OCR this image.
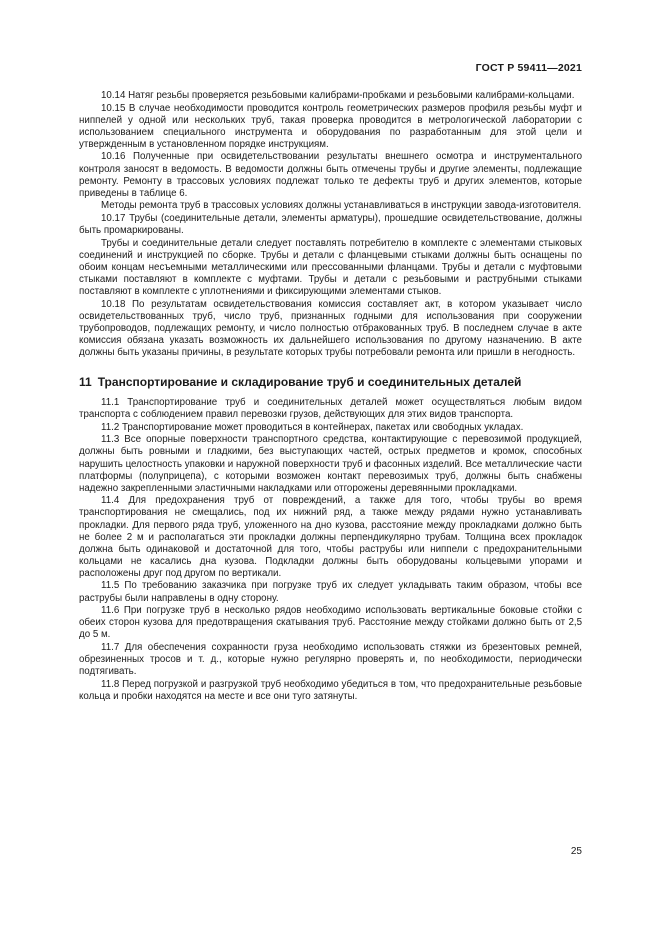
ГОСТ Р 59411—2021

10.14 Натяг резьбы проверяется резьбовыми калибрами-пробками и резьбовыми калибрами-кольцами.

10.15 В случае необходимости проводится контроль геометрических размеров профиля резьбы муфт и ниппелей у одной или нескольких труб, такая проверка проводится в метрологической лаборатории с использованием специального инструмента и оборудования по разработанным для этой цели и утвержденным в установленном порядке инструкциям.

10.16 Полученные при освидетельствовании результаты внешнего осмотра и инструментального контроля заносят в ведомость. В ведомости должны быть отмечены трубы и другие элементы, подлежащие ремонту. Ремонту в трассовых условиях подлежат только те дефекты труб и других элементов, которые приведены в таблице 6.

Методы ремонта труб в трассовых условиях должны устанавливаться в инструкции завода-изготовителя.

10.17 Трубы (соединительные детали, элементы арматуры), прошедшие освидетельствование, должны быть промаркированы.

Трубы и соединительные детали следует поставлять потребителю в комплекте с элементами стыковых соединений и инструкцией по сборке. Трубы и детали с фланцевыми стыками должны быть оснащены по обоим концам несъемными металлическими или прессованными фланцами. Трубы и детали с муфтовыми стыками поставляют в комплекте с муфтами. Трубы и детали с резьбовыми и раструбными стыками поставляют в комплекте с уплотнениями и фиксирующими элементами стыков.

10.18 По результатам освидетельствования комиссия составляет акт, в котором указывает число освидетельствованных труб, число труб, признанных годными для использования при сооружении трубопроводов, подлежащих ремонту, и число полностью отбракованных труб. В последнем случае в акте комиссия обязана указать возможность их дальнейшего использования по другому назначению. В акте должны быть указаны причины, в результате которых трубы потребовали ремонта или пришли в негодность.

11 Транспортирование и складирование труб и соединительных деталей

11.1 Транспортирование труб и соединительных деталей может осуществляться любым видом транспорта с соблюдением правил перевозки грузов, действующих для этих видов транспорта.

11.2 Транспортирование может проводиться в контейнерах, пакетах или свободных укладах.

11.3 Все опорные поверхности транспортного средства, контактирующие с перевозимой продукцией, должны быть ровными и гладкими, без выступающих частей, острых предметов и кромок, способных нарушить целостность упаковки и наружной поверхности труб и фасонных изделий. Все металлические части платформы (полуприцепа), с которыми возможен контакт перевозимых труб, должны быть снабжены надежно закрепленными эластичными накладками или отгорожены деревянными прокладками.

11.4 Для предохранения труб от повреждений, а также для того, чтобы трубы во время транспортирования не смещались, под их нижний ряд, а также между рядами нужно устанавливать прокладки. Для первого ряда труб, уложенного на дно кузова, расстояние между прокладками должно быть не более 2 м и располагаться эти прокладки должны перпендикулярно трубам. Толщина всех прокладок должна быть одинаковой и достаточной для того, чтобы раструбы или ниппели с предохранительными кольцами не касались дна кузова. Подкладки должны быть оборудованы кольцевыми упорами и расположены друг под другом по вертикали.

11.5 По требованию заказчика при погрузке труб их следует укладывать таким образом, чтобы все раструбы были направлены в одну сторону.

11.6 При погрузке труб в несколько рядов необходимо использовать вертикальные боковые стойки с обеих сторон кузова для предотвращения скатывания труб. Расстояние между стойками должно быть от 2,5 до 5 м.

11.7 Для обеспечения сохранности груза необходимо использовать стяжки из брезентовых ремней, обрезиненных тросов и т. д., которые нужно регулярно проверять и, по необходимости, периодически подтягивать.

11.8 Перед погрузкой и разгрузкой труб необходимо убедиться в том, что предохранительные резьбовые кольца и пробки находятся на месте и все они туго затянуты.

25
